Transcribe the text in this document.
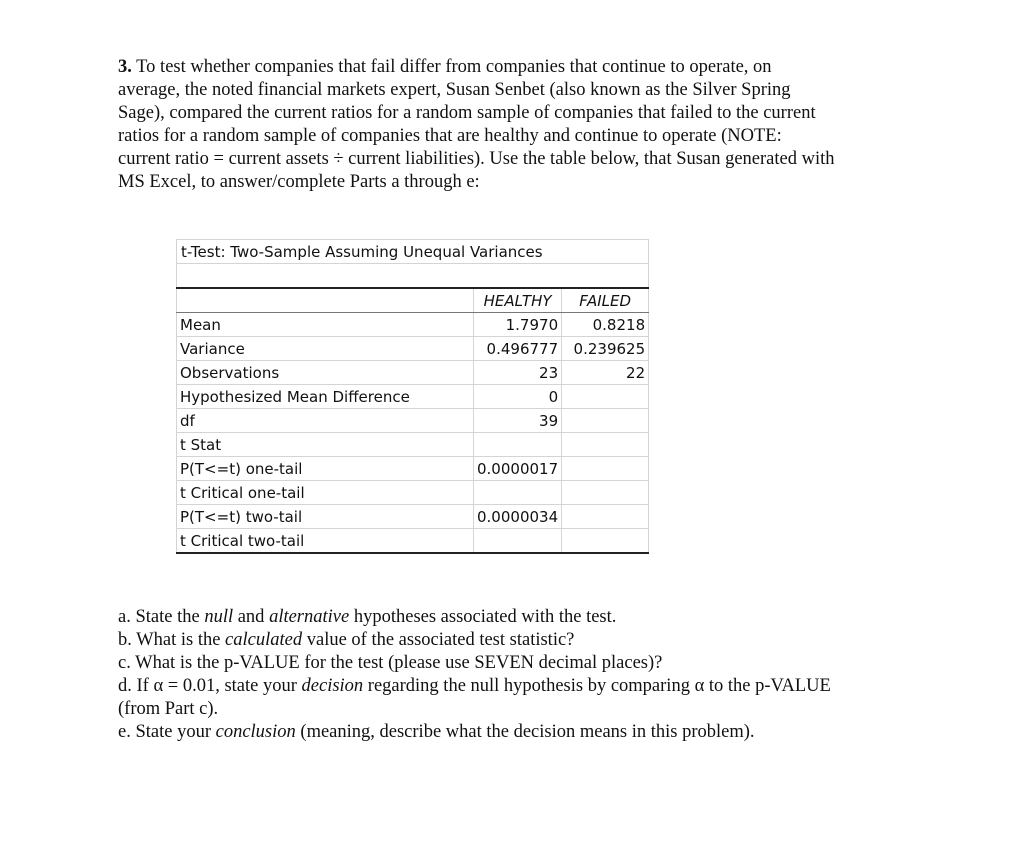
3. To test whether companies that fail differ from companies that continue to operate, on
average, the noted financial markets expert, Susan Senbet (also known as the Silver Spring
Sage), compared the current ratios for a random sample of companies that failed to the current
ratios for a random sample of companies that are healthy and continue to operate (NOTE:
current ratio = current assets ÷ current liabilities). Use the table below, that Susan generated with
MS Excel, to answer/complete Parts a through e:
t-Test: Two-Sample Assuming Unequal Variances		

	HEALTHY	FAILED
Mean	1.7970	0.8218
Variance	0.496777	0.239625
Observations	23	22
Hypothesized Mean Difference	0	
df	39	
t Stat		
P(T<=t) one-tail	0.0000017	
t Critical one-tail		
P(T<=t) two-tail	0.0000034	
t Critical two-tail		
a. State the null and alternative hypotheses associated with the test.
b. What is the calculated value of the associated test statistic?
c. What is the p-VALUE for the test (please use SEVEN decimal places)?
d. If α = 0.01, state your decision regarding the null hypothesis by comparing α to the p-VALUE
(from Part c).
e. State your conclusion (meaning, describe what the decision means in this problem).
